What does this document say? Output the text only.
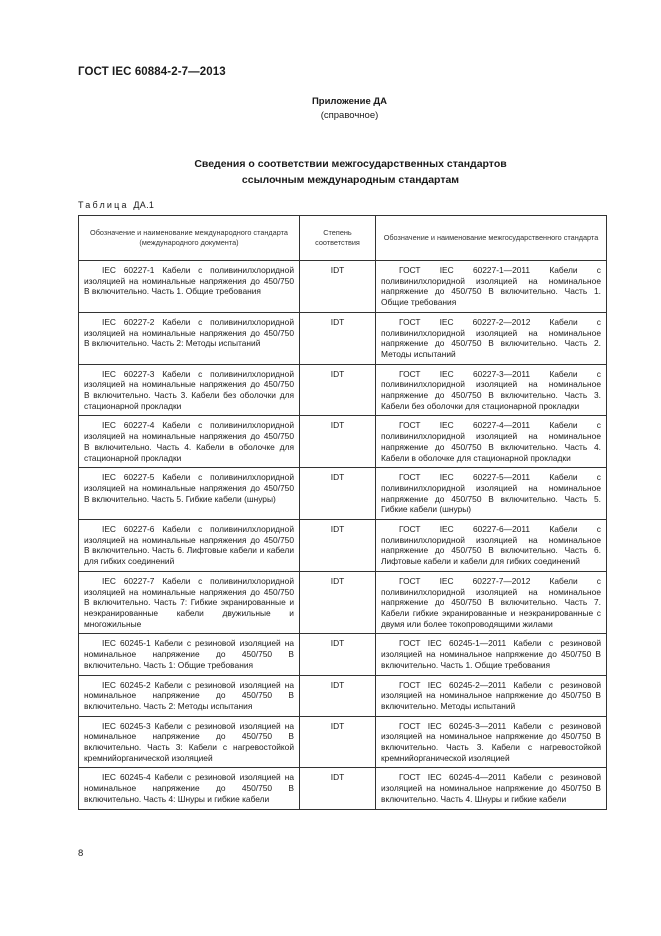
ГОСТ IEC 60884-2-7—2013
Приложение ДА
(справочное)
Сведения о соответствии межгосударственных стандартов
ссылочным международным стандартам
Таблица ДА.1
Обозначение и наименование международного стандарта (международного документа)	Степень соответствия	Обозначение и наименование межгосударственного стандарта
IEC 60227-1 Кабели с поливинилхлоридной изоляцией на номинальные напряжения до 450/750 В включительно. Часть 1. Общие требования	IDT	ГОСТ IEC 60227-1—2011 Кабели с поливинилхлоридной изоляцией на номинальное напряжение до 450/750 В включительно. Часть 1. Общие требования
IEC 60227-2 Кабели с поливинилхлоридной изоляцией на номинальные напряжения до 450/750 В включительно. Часть 2: Методы испытаний	IDT	ГОСТ IEC 60227-2—2012 Кабели с поливинилхлоридной изоляцией на номинальное напряжение до 450/750 В включительно. Часть 2. Методы испытаний
IEC 60227-3 Кабели с поливинилхлоридной изоляцией на номинальные напряжения до 450/750 В включительно. Часть 3. Кабели без оболочки для стационарной прокладки	IDT	ГОСТ IEC 60227-3—2011 Кабели с поливинилхлоридной изоляцией на номинальное напряжение до 450/750 В включительно. Часть 3. Кабели без оболочки для стационарной прокладки
IEC 60227-4 Кабели с поливинилхлоридной изоляцией на номинальные напряжения до 450/750 В включительно. Часть 4. Кабели в оболочке для стационарной прокладки	IDT	ГОСТ IEC 60227-4—2011 Кабели с поливинилхлоридной изоляцией на номинальное напряжение до 450/750 В включительно. Часть 4. Кабели в оболочке для стационарной прокладки
IEC 60227-5 Кабели с поливинилхлоридной изоляцией на номинальные напряжения до 450/750 В включительно. Часть 5. Гибкие кабели (шнуры)	IDT	ГОСТ IEC 60227-5—2011 Кабели с поливинилхлоридной изоляцией на номинальное напряжение до 450/750 В включительно. Часть 5. Гибкие кабели (шнуры)
IEC 60227-6 Кабели с поливинилхлоридной изоляцией на номинальные напряжения до 450/750 В включительно. Часть 6. Лифтовые кабели и кабели для гибких соединений	IDT	ГОСТ IEC 60227-6—2011 Кабели с поливинилхлоридной изоляцией на номинальное напряжение до 450/750 В включительно. Часть 6. Лифтовые кабели и кабели для гибких соединений
IEC 60227-7 Кабели с поливинилхлоридной изоляцией на номинальные напряжения до 450/750 В включительно. Часть 7: Гибкие экранированные и неэкранированные кабели двужильные и многожильные	IDT	ГОСТ IEC 60227-7—2012 Кабели с поливинилхлоридной изоляцией на номинальное напряжение до 450/750 В включительно. Часть 7. Кабели гибкие экранированные и неэкранированные с двумя или более токопроводящими жилами
IEC 60245-1 Кабели с резиновой изоляцией на номинальное напряжение до 450/750 В включительно. Часть 1: Общие требования	IDT	ГОСТ IEC 60245-1—2011 Кабели с резиновой изоляцией на номинальное напряжение до 450/750 В включительно. Часть 1. Общие требования
IEC 60245-2 Кабели с резиновой изоляцией на номинальное напряжение до 450/750 В включительно. Часть 2: Методы испытания	IDT	ГОСТ IEC 60245-2—2011 Кабели с резиновой изоляцией на номинальное напряжение до 450/750 В включительно. Методы испытаний
IEC 60245-3 Кабели с резиновой изоляцией на номинальное напряжение до 450/750 В включительно. Часть 3: Кабели с нагревостойкой кремнийорганической изоляцией	IDT	ГОСТ IEC 60245-3—2011 Кабели с резиновой изоляцией на номинальное напряжение до 450/750 В включительно. Часть 3. Кабели с нагревостойкой кремнийорганической изоляцией
IEC 60245-4 Кабели с резиновой изоляцией на номинальное напряжение до 450/750 В включительно. Часть 4: Шнуры и гибкие кабели	IDT	ГОСТ IEC 60245-4—2011 Кабели с резиновой изоляцией на номинальное напряжение до 450/750 В включительно. Часть 4. Шнуры и гибкие кабели
8
